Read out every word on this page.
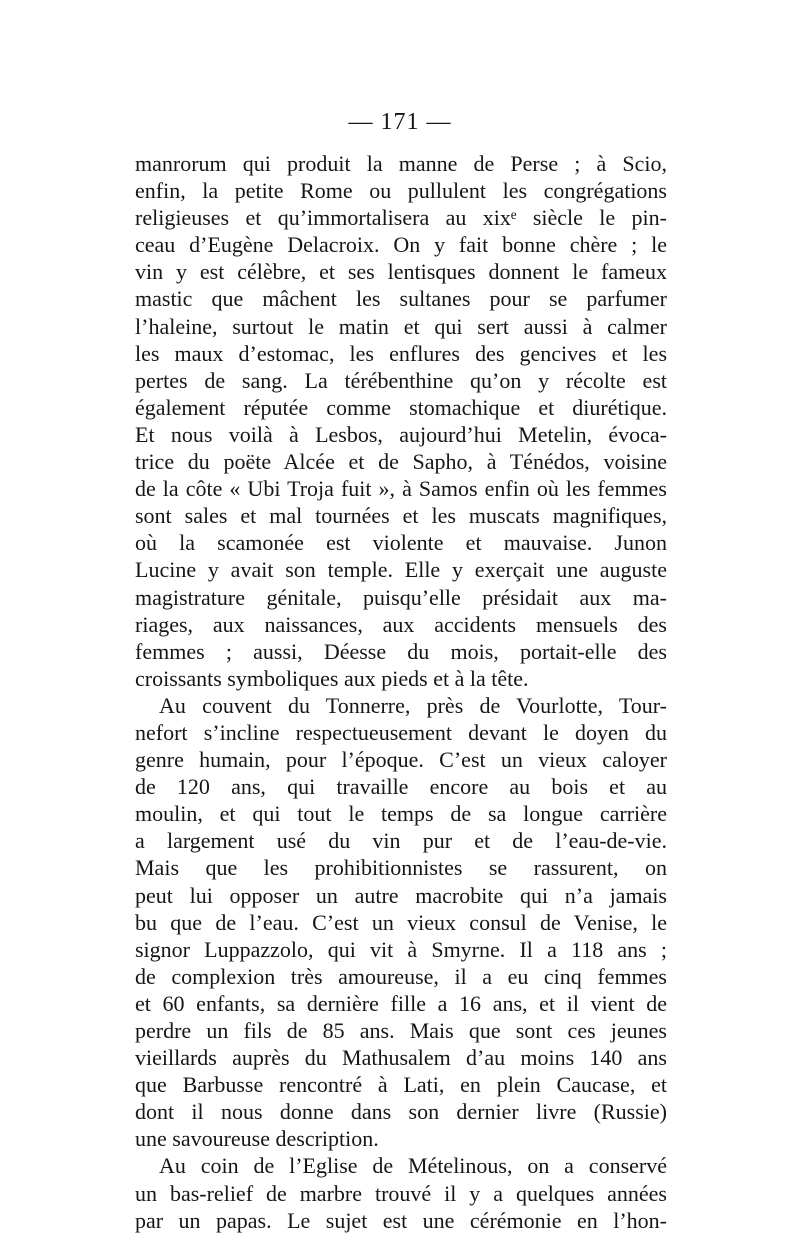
— 171 —
manrorum qui produit la manne de Perse ; à Scio,
enfin, la petite Rome ou pullulent les congrégations
religieuses et qu’immortalisera au xixᵉ siècle le pin-
ceau d’Eugène Delacroix. On y fait bonne chère ; le
vin y est célèbre, et ses lentisques donnent le fameux
mastic que mâchent les sultanes pour se parfumer
l’haleine, surtout le matin et qui sert aussi à calmer
les maux d’estomac, les enflures des gencives et les
pertes de sang. La térébenthine qu’on y récolte est
également réputée comme stomachique et diurétique.
Et nous voilà à Lesbos, aujourd’hui Metelin, évoca-
trice du poëte Alcée et de Sapho, à Ténédos, voisine
de la côte « Ubi Troja fuit », à Samos enfin où les femmes
sont sales et mal tournées et les muscats magnifiques,
où la scamonée est violente et mauvaise. Junon
Lucine y avait son temple. Elle y exerçait une auguste
magistrature génitale, puisqu’elle présidait aux ma-
riages, aux naissances, aux accidents mensuels des
femmes ; aussi, Déesse du mois, portait-elle des
croissants symboliques aux pieds et à la tête.
Au couvent du Tonnerre, près de Vourlotte, Tour-
nefort s’incline respectueusement devant le doyen du
genre humain, pour l’époque. C’est un vieux caloyer
de 120 ans, qui travaille encore au bois et au
moulin, et qui tout le temps de sa longue carrière
a largement usé du vin pur et de l’eau-de-vie.
Mais que les prohibitionnistes se rassurent, on
peut lui opposer un autre macrobite qui n’a jamais
bu que de l’eau. C’est un vieux consul de Venise, le
signor Luppazzolo, qui vit à Smyrne. Il a 118 ans ;
de complexion très amoureuse, il a eu cinq femmes
et 60 enfants, sa dernière fille a 16 ans, et il vient de
perdre un fils de 85 ans. Mais que sont ces jeunes
vieillards auprès du Mathusalem d’au moins 140 ans
que Barbusse rencontré à Lati, en plein Caucase, et
dont il nous donne dans son dernier livre (Russie)
une savoureuse description.
Au coin de l’Eglise de Mételinous, on a conservé
un bas-relief de marbre trouvé il y a quelques années
par un papas. Le sujet est une cérémonie en l’hon-
